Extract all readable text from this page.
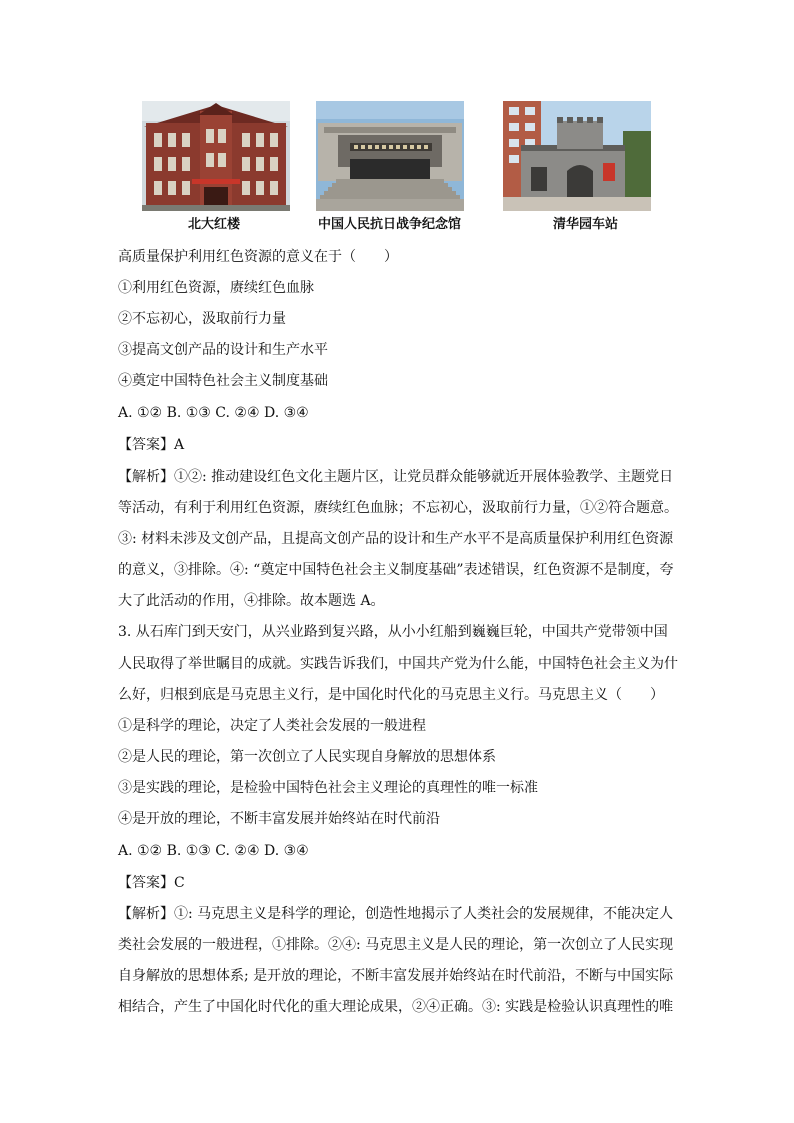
北大红楼	中国人民抗日战争纪念馆	清华园车站
高质量保护利用红色资源的意义在于（　　）
①利用红色资源，赓续红色血脉
②不忘初心，汲取前行力量
③提高文创产品的设计和生产水平
④奠定中国特色社会主义制度基础
A. ①② B. ①③ C. ②④ D. ③④
【答案】A
【解析】①②: 推动建设红色文化主题片区，让党员群众能够就近开展体验教学、主题党日
等活动，有利于利用红色资源，赓续红色血脉；不忘初心，汲取前行力量，①②符合题意。
③: 材料未涉及文创产品，且提高文创产品的设计和生产水平不是高质量保护利用红色资源
的意义，③排除。④: “奠定中国特色社会主义制度基础”表述错误，红色资源不是制度，夸
大了此活动的作用，④排除。故本题选 A。
3. 从石库门到天安门，从兴业路到复兴路，从小小红船到巍巍巨轮，中国共产党带领中国
人民取得了举世瞩目的成就。实践告诉我们，中国共产党为什么能，中国特色社会主义为什
么好，归根到底是马克思主义行，是中国化时代化的马克思主义行。马克思主义（　　）
①是科学的理论，决定了人类社会发展的一般进程
②是人民的理论，第一次创立了人民实现自身解放的思想体系
③是实践的理论，是检验中国特色社会主义理论的真理性的唯一标准
④是开放的理论，不断丰富发展并始终站在时代前沿
A. ①② B. ①③ C. ②④ D. ③④
【答案】C
【解析】①: 马克思主义是科学的理论，创造性地揭示了人类社会的发展规律，不能决定人
类社会发展的一般进程，①排除。②④: 马克思主义是人民的理论，第一次创立了人民实现
自身解放的思想体系; 是开放的理论，不断丰富发展并始终站在时代前沿，不断与中国实际
相结合，产生了中国化时代化的重大理论成果，②④正确。③: 实践是检验认识真理性的唯
